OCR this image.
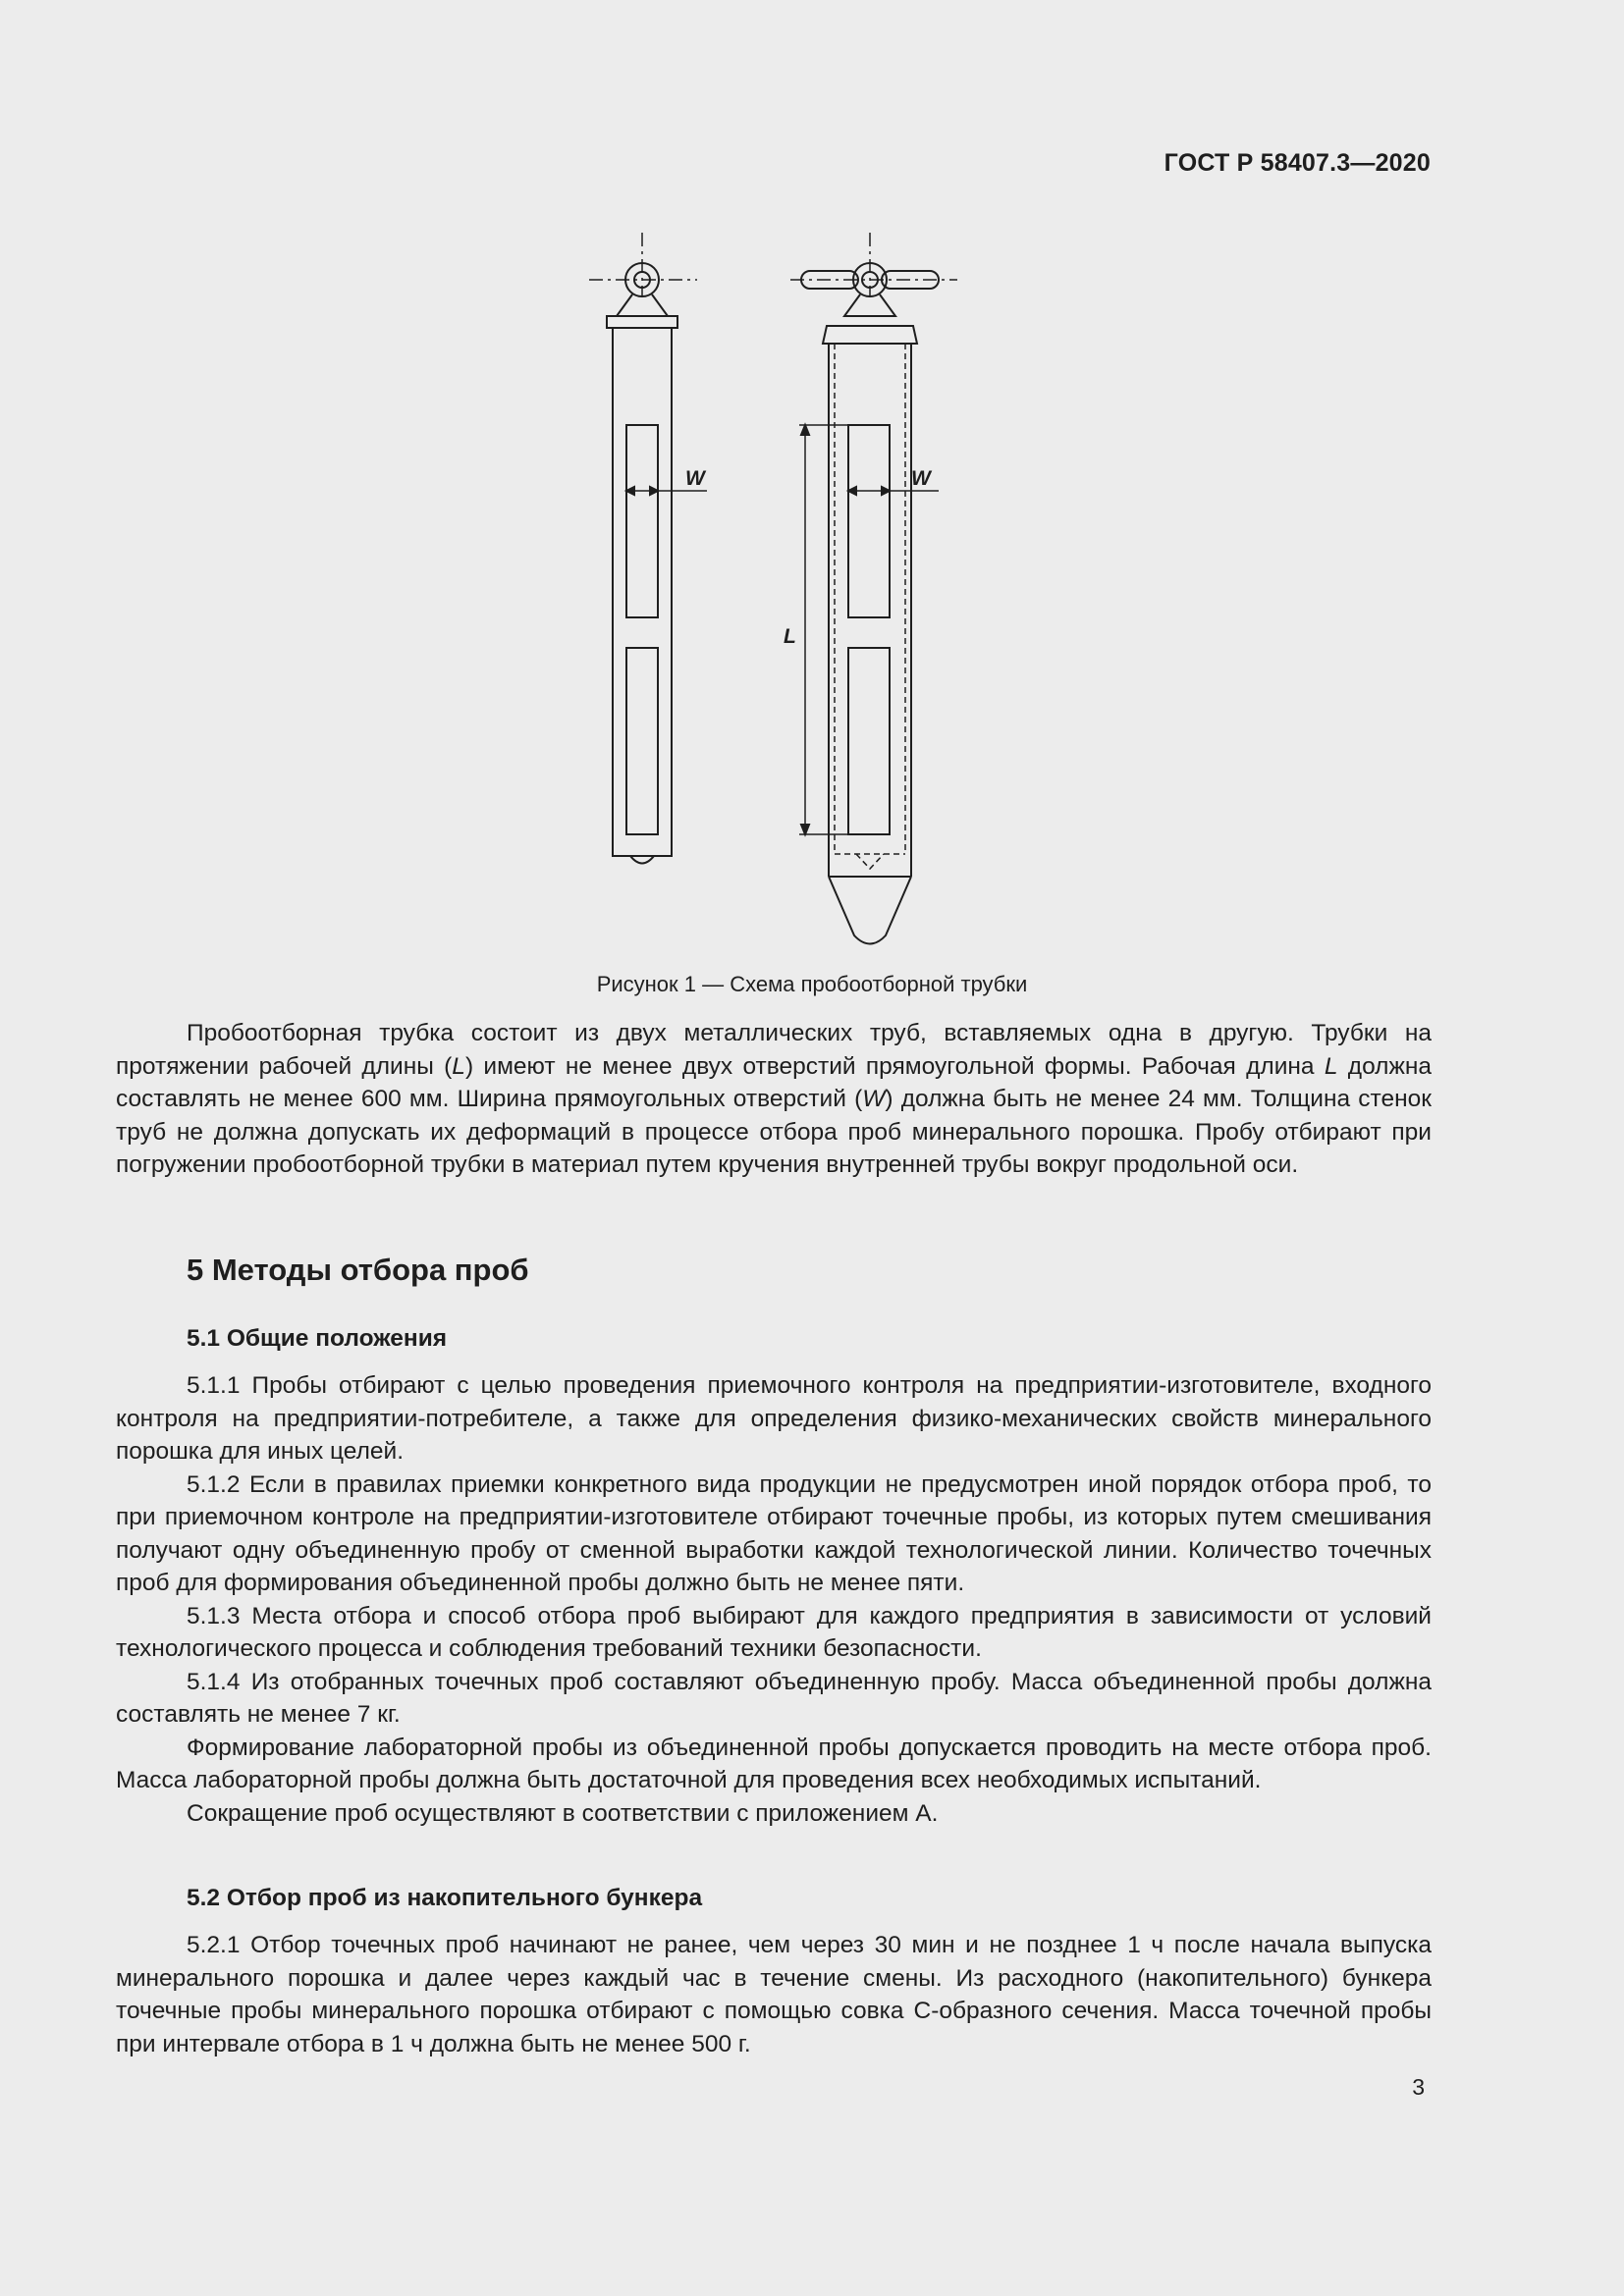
ГОСТ Р 58407.3—2020
W	W
L
Рисунок 1 — Схема пробоотборной трубки

Пробоотборная трубка состоит из двух металлических труб, вставляемых одна в другую. Трубки на протяжении рабочей длины (L) имеют не менее двух отверстий прямоугольной формы. Рабочая длина L должна составлять не менее 600 мм. Ширина прямоугольных отверстий (W) должна быть не менее 24 мм. Толщина стенок труб не должна допускать их деформаций в процессе отбора проб минерального порошка. Пробу отбирают при погружении пробоотборной трубки в материал путем кручения внутренней трубы вокруг продольной оси.

5 Методы отбора проб
5.1 Общие положения

5.1.1 Пробы отбирают с целью проведения приемочного контроля на предприятии-изготовителе, входного контроля на предприятии-потребителе, а также для определения физико-механических свойств минерального порошка для иных целей.

5.1.2 Если в правилах приемки конкретного вида продукции не предусмотрен иной порядок отбора проб, то при приемочном контроле на предприятии-изготовителе отбирают точечные пробы, из которых путем смешивания получают одну объединенную пробу от сменной выработки каждой технологической линии. Количество точечных проб для формирования объединенной пробы должно быть не менее пяти.

5.1.3 Места отбора и способ отбора проб выбирают для каждого предприятия в зависимости от условий технологического процесса и соблюдения требований техники безопасности.

5.1.4 Из отобранных точечных проб составляют объединенную пробу. Масса объединенной пробы должна составлять не менее 7 кг.

Формирование лабораторной пробы из объединенной пробы допускается проводить на месте отбора проб. Масса лабораторной пробы должна быть достаточной для проведения всех необходимых испытаний.

Сокращение проб осуществляют в соответствии с приложением А.

5.2 Отбор проб из накопительного бункера

5.2.1 Отбор точечных проб начинают не ранее, чем через 30 мин и не позднее 1 ч после начала выпуска минерального порошка и далее через каждый час в течение смены. Из расходного (накопительного) бункера точечные пробы минерального порошка отбирают с помощью совка С-образного сечения. Масса точечной пробы при интервале отбора в 1 ч должна быть не менее 500 г.

3
